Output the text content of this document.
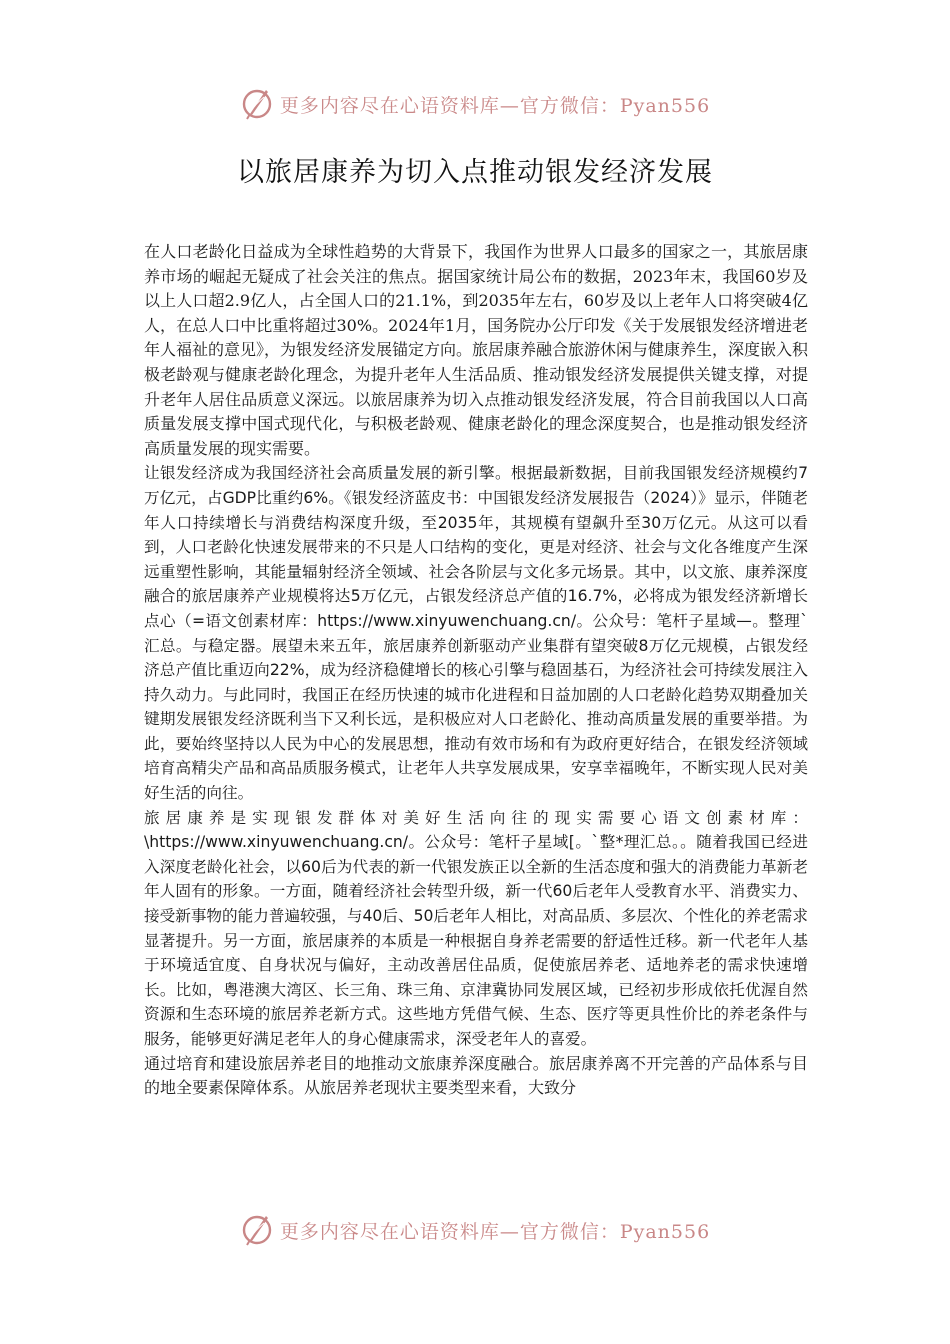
更多内容尽在心语资料库—官方微信：Pyan556
以旅居康养为切入点推动银发经济发展

在人口老龄化日益成为全球性趋势的大背景下，我国作为世界人口最多的国家之一，其旅居康养市场的崛起无疑成了社会关注的焦点。据国家统计局公布的数据，2023年末，我国60岁及以上人口超2.9亿人，占全国人口的21.1%，到2035年左右，60岁及以上老年人口将突破4亿人，在总人口中比重将超过30%。2024年1月，国务院办公厅印发《关于发展银发经济增进老年人福祉的意见》，为银发经济发展锚定方向。旅居康养融合旅游休闲与健康养生，深度嵌入积极老龄观与健康老龄化理念，为提升老年人生活品质、推动银发经济发展提供关键支撑，对提升老年人居住品质意义深远。以旅居康养为切入点推动银发经济发展，符合目前我国以人口高质量发展支撑中国式现代化，与积极老龄观、健康老龄化的理念深度契合，也是推动银发经济高质量发展的现实需要。

让银发经济成为我国经济社会高质量发展的新引擎。根据最新数据，目前我国银发经济规模约7万亿元，占GDP比重约6%。《银发经济蓝皮书：中国银发经济发展报告（2024）》显示，伴随老年人口持续增长与消费结构深度升级，至2035年，其规模有望飙升至30万亿元。从这可以看到，人口老龄化快速发展带来的不只是人口结构的变化，更是对经济、社会与文化各维度产生深远重塑性影响，其能量辐射经济全领域、社会各阶层与文化多元场景。其中，以文旅、康养深度融合的旅居康养产业规模将达5万亿元，占银发经济总产值的16.7%，必将成为银发经济新增长点心（=语文创素材库：https://www.xinyuwenchuang.cn/。公众号：笔杆子星域—。整理`汇总。与稳定器。展望未来五年，旅居康养创新驱动产业集群有望突破8万亿元规模，占银发经济总产值比重迈向22%，成为经济稳健增长的核心引擎与稳固基石，为经济社会可持续发展注入持久动力。与此同时，我国正在经历快速的城市化进程和日益加剧的人口老龄化趋势双期叠加关键期发展银发经济既利当下又利长远，是积极应对人口老龄化、推动高质量发展的重要举措。为此，要始终坚持以人民为中心的发展思想，推动有效市场和有为政府更好结合，在银发经济领域培育高精尖产品和高品质服务模式，让老年人共享发展成果，安享幸福晚年，不断实现人民对美好生活的向往。

旅居康养是实现银发群体对美好生活向往的现实需要心语文创素材库：\https://www.xinyuwenchuang.cn/。公众号：笔杆子星域[。`整*理汇总。。随着我国已经进入深度老龄化社会，以60后为代表的新一代银发族正以全新的生活态度和强大的消费能力革新老年人固有的形象。一方面，随着经济社会转型升级，新一代60后老年人受教育水平、消费实力、接受新事物的能力普遍较强，与40后、50后老年人相比，对高品质、多层次、个性化的养老需求显著提升。另一方面，旅居康养的本质是一种根据自身养老需要的舒适性迁移。新一代老年人基于环境适宜度、自身状况与偏好，主动改善居住品质，促使旅居养老、适地养老的需求快速增长。比如，粤港澳大湾区、长三角、珠三角、京津冀协同发展区域，已经初步形成依托优渥自然资源和生态环境的旅居养老新方式。这些地方凭借气候、生态、医疗等更具性价比的养老条件与服务，能够更好满足老年人的身心健康需求，深受老年人的喜爱。

通过培育和建设旅居养老目的地推动文旅康养深度融合。旅居康养离不开完善的产品体系与目的地全要素保障体系。从旅居养老现状主要类型来看，大致分

更多内容尽在心语资料库—官方微信：Pyan556
